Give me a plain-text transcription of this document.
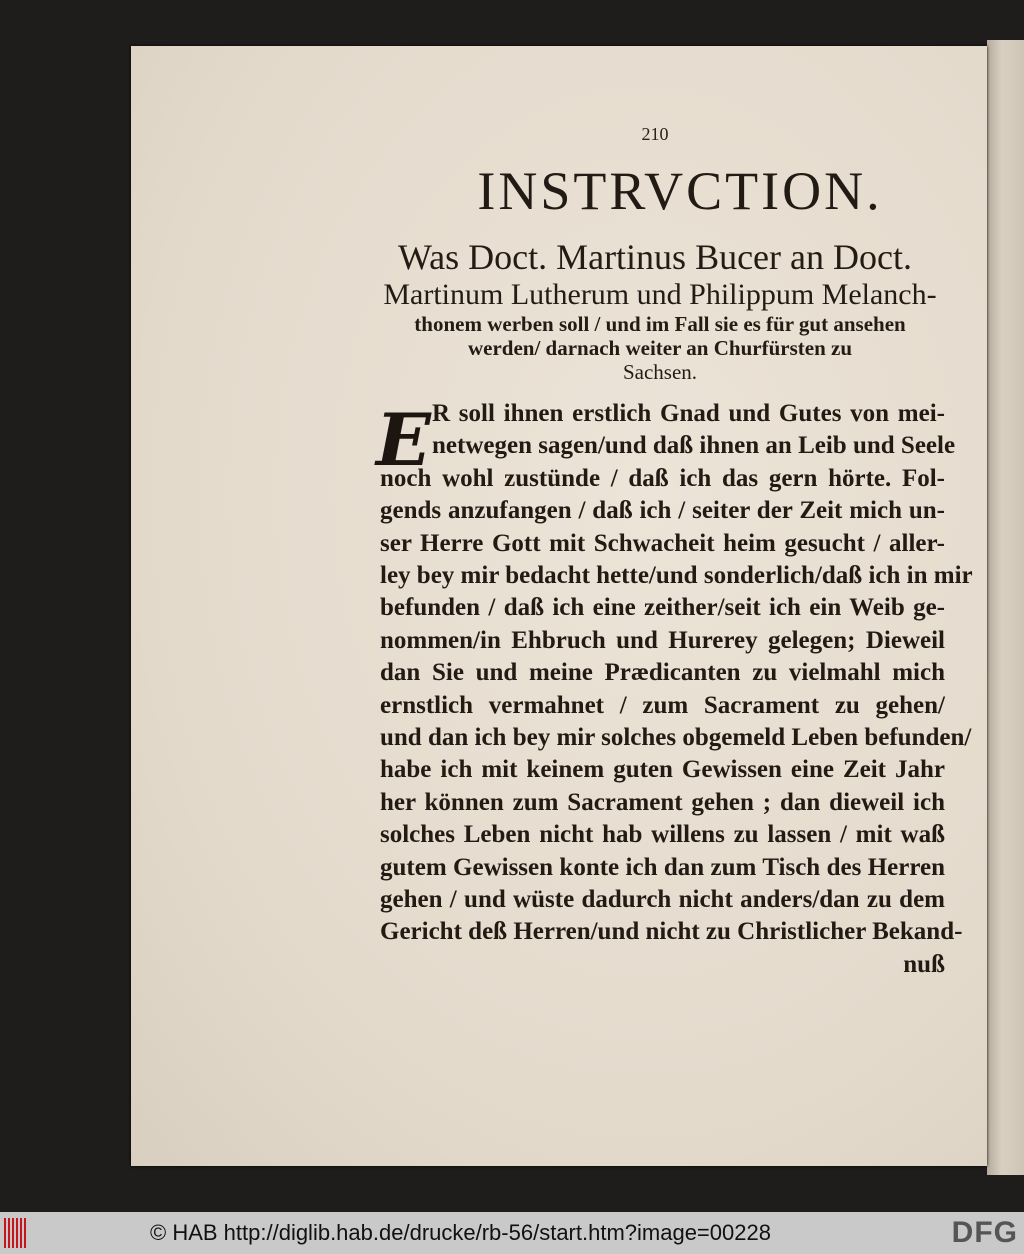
210
INSTRVCTION.
Was Doct. Martinus Bucer an Doct.
Martinum Lutherum und Philippum Melanch-
thonem werben soll / und im Fall sie es für gut ansehen
werden/ darnach weiter an Churfürsten zu
Sachsen.
E R soll ihnen erstlich Gnad und Gutes von mei-
netwegen sagen/und daß ihnen an Leib und Seele
noch wohl zustünde / daß ich das gern hörte. Fol-
gends anzufangen / daß ich / seiter der Zeit mich un-
ser Herre Gott mit Schwacheit heim gesucht / aller-
ley bey mir bedacht hette/und sonderlich/daß ich in mir
befunden / daß ich eine zeither/seit ich ein Weib ge-
nommen/in Ehbruch und Hurerey gelegen; Dieweil
dan Sie und meine Prædicanten zu vielmahl mich
ernstlich vermahnet / zum Sacrament zu gehen/
und dan ich bey mir solches obgemeld Leben befunden/
habe ich mit keinem guten Gewissen eine Zeit Jahr
her können zum Sacrament gehen ; dan dieweil ich
solches Leben nicht hab willens zu lassen / mit waß
gutem Gewissen konte ich dan zum Tisch des Herren
gehen / und wüste dadurch nicht anders/dan zu dem
Gericht deß Herren/und nicht zu Christlicher Bekand-
nuß
© HAB http://diglib.hab.de/drucke/rb-56/start.htm?image=00228	DFG
